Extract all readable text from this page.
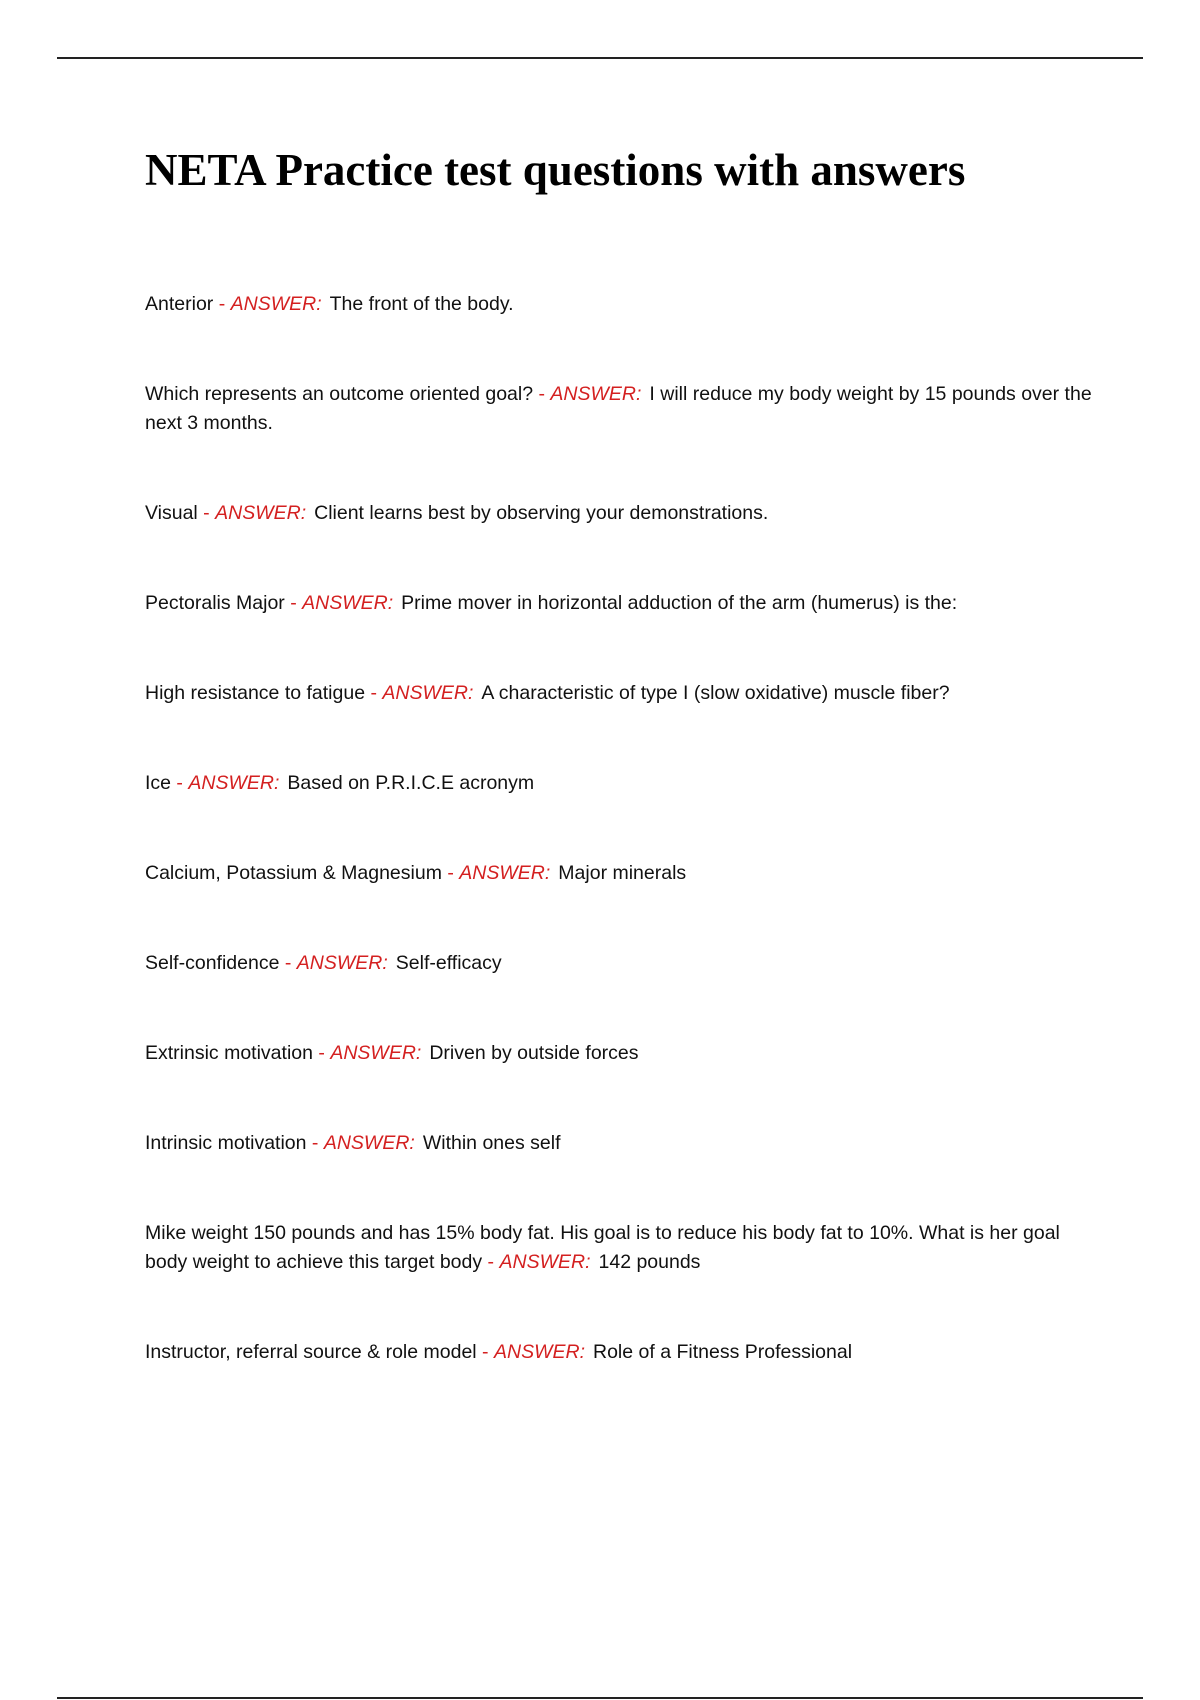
NETA Practice test questions with answers
Anterior - ANSWER: The front of the body.
Which represents an outcome oriented goal? - ANSWER: I will reduce my body weight by 15 pounds over the next 3 months.
Visual - ANSWER: Client learns best by observing your demonstrations.
Pectoralis Major - ANSWER: Prime mover in horizontal adduction of the arm (humerus) is the:
High resistance to fatigue - ANSWER: A characteristic of type I (slow oxidative) muscle fiber?
Ice - ANSWER: Based on P.R.I.C.E acronym
Calcium, Potassium & Magnesium - ANSWER: Major minerals
Self-confidence - ANSWER: Self-efficacy
Extrinsic motivation - ANSWER: Driven by outside forces
Intrinsic motivation - ANSWER: Within ones self
Mike weight 150 pounds and has 15% body fat. His goal is to reduce his body fat to 10%. What is her goal body weight to achieve this target body - ANSWER: 142 pounds
Instructor, referral source & role model - ANSWER: Role of a Fitness Professional
